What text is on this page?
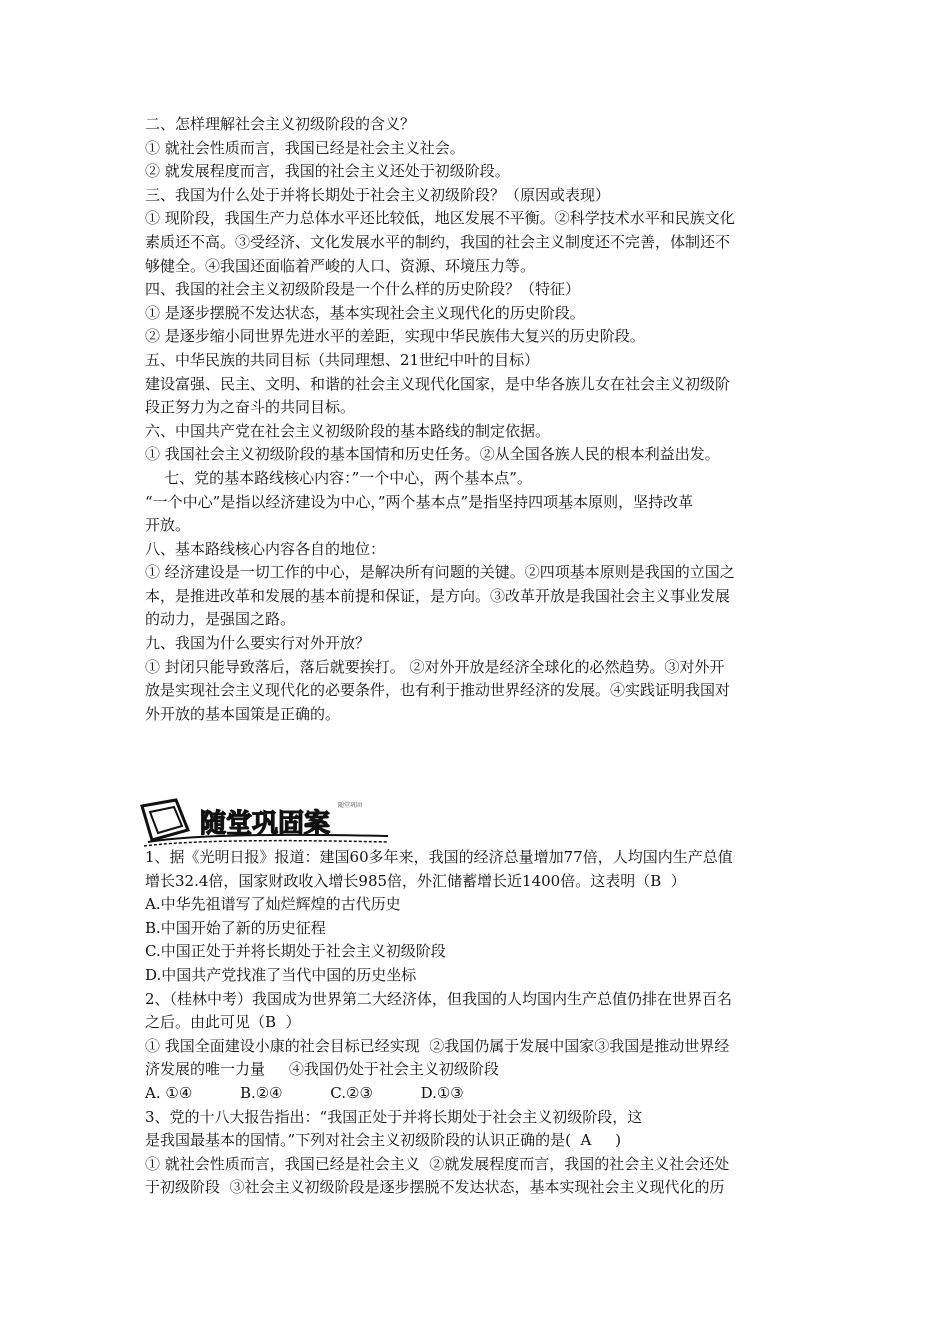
二、怎样理解社会主义初级阶段的含义？
① 就社会性质而言，我国已经是社会主义社会。
② 就发展程度而言，我国的社会主义还处于初级阶段。
三、我国为什么处于并将长期处于社会主义初级阶段？（原因或表现）
① 现阶段，我国生产力总体水平还比较低，地区发展不平衡。②科学技术水平和民族文化
素质还不高。③受经济、文化发展水平的制约，我国的社会主义制度还不完善，体制还不
够健全。④我国还面临着严峻的人口、资源、环境压力等。
四、我国的社会主义初级阶段是一个什么样的历史阶段？（特征）
① 是逐步摆脱不发达状态，基本实现社会主义现代化的历史阶段。
② 是逐步缩小同世界先进水平的差距，实现中华民族伟大复兴的历史阶段。
五、中华民族的共同目标（共同理想、21世纪中叶的目标）
建设富强、民主、文明、和谐的社会主义现代化国家，是中华各族儿女在社会主义初级阶
段正努力为之奋斗的共同目标。
六、中国共产党在社会主义初级阶段的基本路线的制定依据。
① 我国社会主义初级阶段的基本国情和历史任务。②从全国各族人民的根本利益出发。
七、党的基本路线核心内容：”一个中心，两个基本点”。
“一个中心”是指以经济建设为中心，”两个基本点”是指坚持四项基本原则，坚持改革
开放。
八、基本路线核心内容各自的地位：
① 经济建设是一切工作的中心，是解决所有问题的关键。②四项基本原则是我国的立国之
本，是推进改革和发展的基本前提和保证，是方向。③改革开放是我国社会主义事业发展
的动力，是强国之路。
九、我国为什么要实行对外开放？
① 封闭只能导致落后，落后就要挨打。 ②对外开放是经济全球化的必然趋势。③对外开
放是实现社会主义现代化的必要条件，也有利于推动世界经济的发展。④实践证明我国对
外开放的基本国策是正确的。
随堂巩固案
随堂巩固
1、据《光明日报》报道：建国60多年来，我国的经济总量增加77倍，人均国内生产总值
增长32.4倍，国家财政收入增长985倍，外汇储蓄增长近1400倍。这表明（B  ）
A.中华先祖谱写了灿烂辉煌的古代历史
B.中国开始了新的历史征程
C.中国正处于并将长期处于社会主义初级阶段
D.中国共产党找准了当代中国的历史坐标
2、（桂林中考）我国成为世界第二大经济体，但我国的人均国内生产总值仍排在世界百名
之后。由此可见（B  ）
① 我国全面建设小康的社会目标已经实现  ②我国仍属于发展中国家③我国是推动世界经
济发展的唯一力量     ④我国仍处于社会主义初级阶段
A. ①④          B.②④          C.②③          D.①③
3、党的十八大报告指出：“我国正处于并将长期处于社会主义初级阶段，这
是我国最基本的国情。”下列对社会主义初级阶段的认识正确的是(  A     )
① 就社会性质而言，我国已经是社会主义  ②就发展程度而言，我国的社会主义社会还处
于初级阶段  ③社会主义初级阶段是逐步摆脱不发达状态，基本实现社会主义现代化的历
